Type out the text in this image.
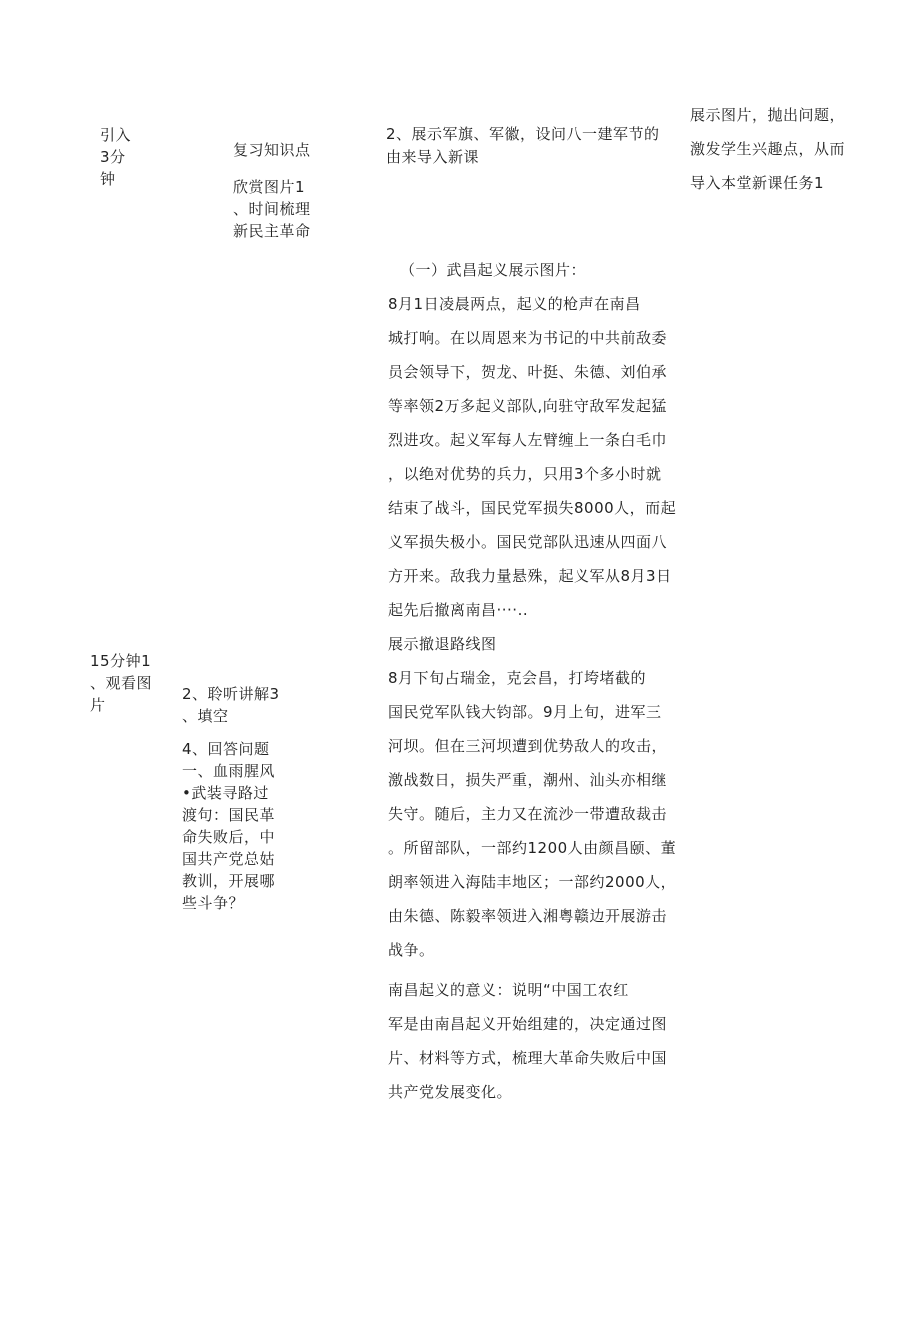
引入

3分

钟

复习知识点

欣赏图片1

、时间梳理

新民主革命

2、展示军旗、军徽，设问八一建军节的

由来导入新课

展示图片，抛出问题，

激发学生兴趣点，从而

导入本堂新课任务1

15分钟1

、观看图

片

2、聆听讲解3

、填空

4、回答问题

一、血雨腥风

•武装寻路过

渡句：国民革

命失败后，中

国共产党总姑

教训，开展哪

些斗争？

（一）武昌起义展示图片：

8月1日凌晨两点，起义的枪声在南昌

城打响。在以周恩来为书记的中共前敌委

员会领导下，贺龙、叶挺、朱德、刘伯承

等率领2万多起义部队,向驻守敌军发起猛

烈进攻。起义军每人左臂缠上一条白毛巾

，以绝对优势的兵力，只用3个多小时就

结束了战斗，国民党军损失8000人，而起

义军损失极小。国民党部队迅速从四面八

方开来。敌我力量悬殊，起义军从8月3日

起先后撤离南昌····..

展示撤退路线图

8月下旬占瑞金，克会昌，打垮堵截的

国民党军队钱大钧部。9月上旬，进军三

河坝。但在三河坝遭到优势敌人的攻击，

激战数日，损失严重，潮州、汕头亦相继

失守。随后，主力又在流沙一带遭敌裁击

。所留部队，一部约1200人由颜昌颐、董

朗率领进入海陆丰地区；一部约2000人，

由朱德、陈毅率领进入湘粤赣边开展游击

战争。

南昌起义的意义：说明“中国工农红

军是由南昌起义开始组建的，决定通过图

片、材料等方式，梳理大革命失败后中国

共产党发展变化。
